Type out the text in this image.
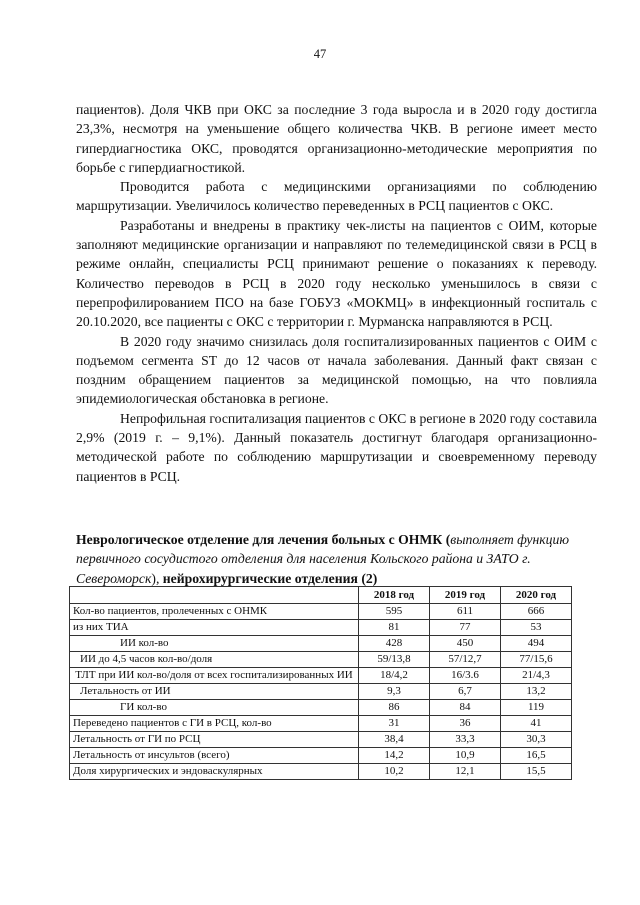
47

пациентов). Доля ЧКВ при ОКС за последние 3 года выросла и в 2020 году достигла 23,3%, несмотря на уменьшение общего количества ЧКВ. В регионе имеет место гипердиагностика ОКС, проводятся организационно-методические мероприятия по борьбе с гипердиагностикой.

Проводится работа с медицинскими организациями по соблюдению маршрутизации. Увеличилось количество переведенных в РСЦ пациентов с ОКС.

Разработаны и внедрены в практику чек-листы на пациентов с ОИМ, которые заполняют медицинские организации и направляют по телемедицинской связи в РСЦ в режиме онлайн, специалисты РСЦ принимают решение о показаниях к переводу. Количество переводов в РСЦ в 2020 году несколько уменьшилось в связи с перепрофилированием ПСО на базе ГОБУЗ «МОКМЦ» в инфекционный госпиталь с 20.10.2020, все пациенты с ОКС с территории г. Мурманска направляются в РСЦ.

В 2020 году значимо снизилась доля госпитализированных пациентов с ОИМ с подъемом сегмента ST до 12 часов от начала заболевания. Данный факт связан с поздним обращением пациентов за медицинской помощью, на что повлияла эпидемиологическая обстановка в регионе.

Непрофильная госпитализация пациентов с ОКС в регионе в 2020 году составила 2,9% (2019 г. – 9,1%). Данный показатель достигнут благодаря организационно-методической работе по соблюдению маршрутизации и своевременному переводу пациентов в РСЦ.

Неврологическое отделение для лечения больных с ОНМК (выполняет функцию первичного сосудистого отделения для населения Кольского района и ЗАТО г. Североморск), нейрохирургические отделения (2)
	2018 год	2019 год	2020 год
Кол-во пациентов, пролеченных с ОНМК	595	611	666
из них ТИА	81	77	53
ИИ кол-во	428	450	494
ИИ до 4,5 часов кол-во/доля	59/13,8	57/12,7	77/15,6
ТЛТ при ИИ кол-во/доля от всех госпитализированных ИИ	18/4,2	16/3.6	21/4,3
Летальность от ИИ	9,3	6,7	13,2
ГИ кол-во	86	84	119
Переведено пациентов с ГИ в РСЦ, кол-во	31	36	41
Летальность от ГИ по РСЦ	38,4	33,3	30,3
Летальность от инсультов (всего)	14,2	10,9	16,5
Доля хирургических и эндоваскулярных	10,2	12,1	15,5
